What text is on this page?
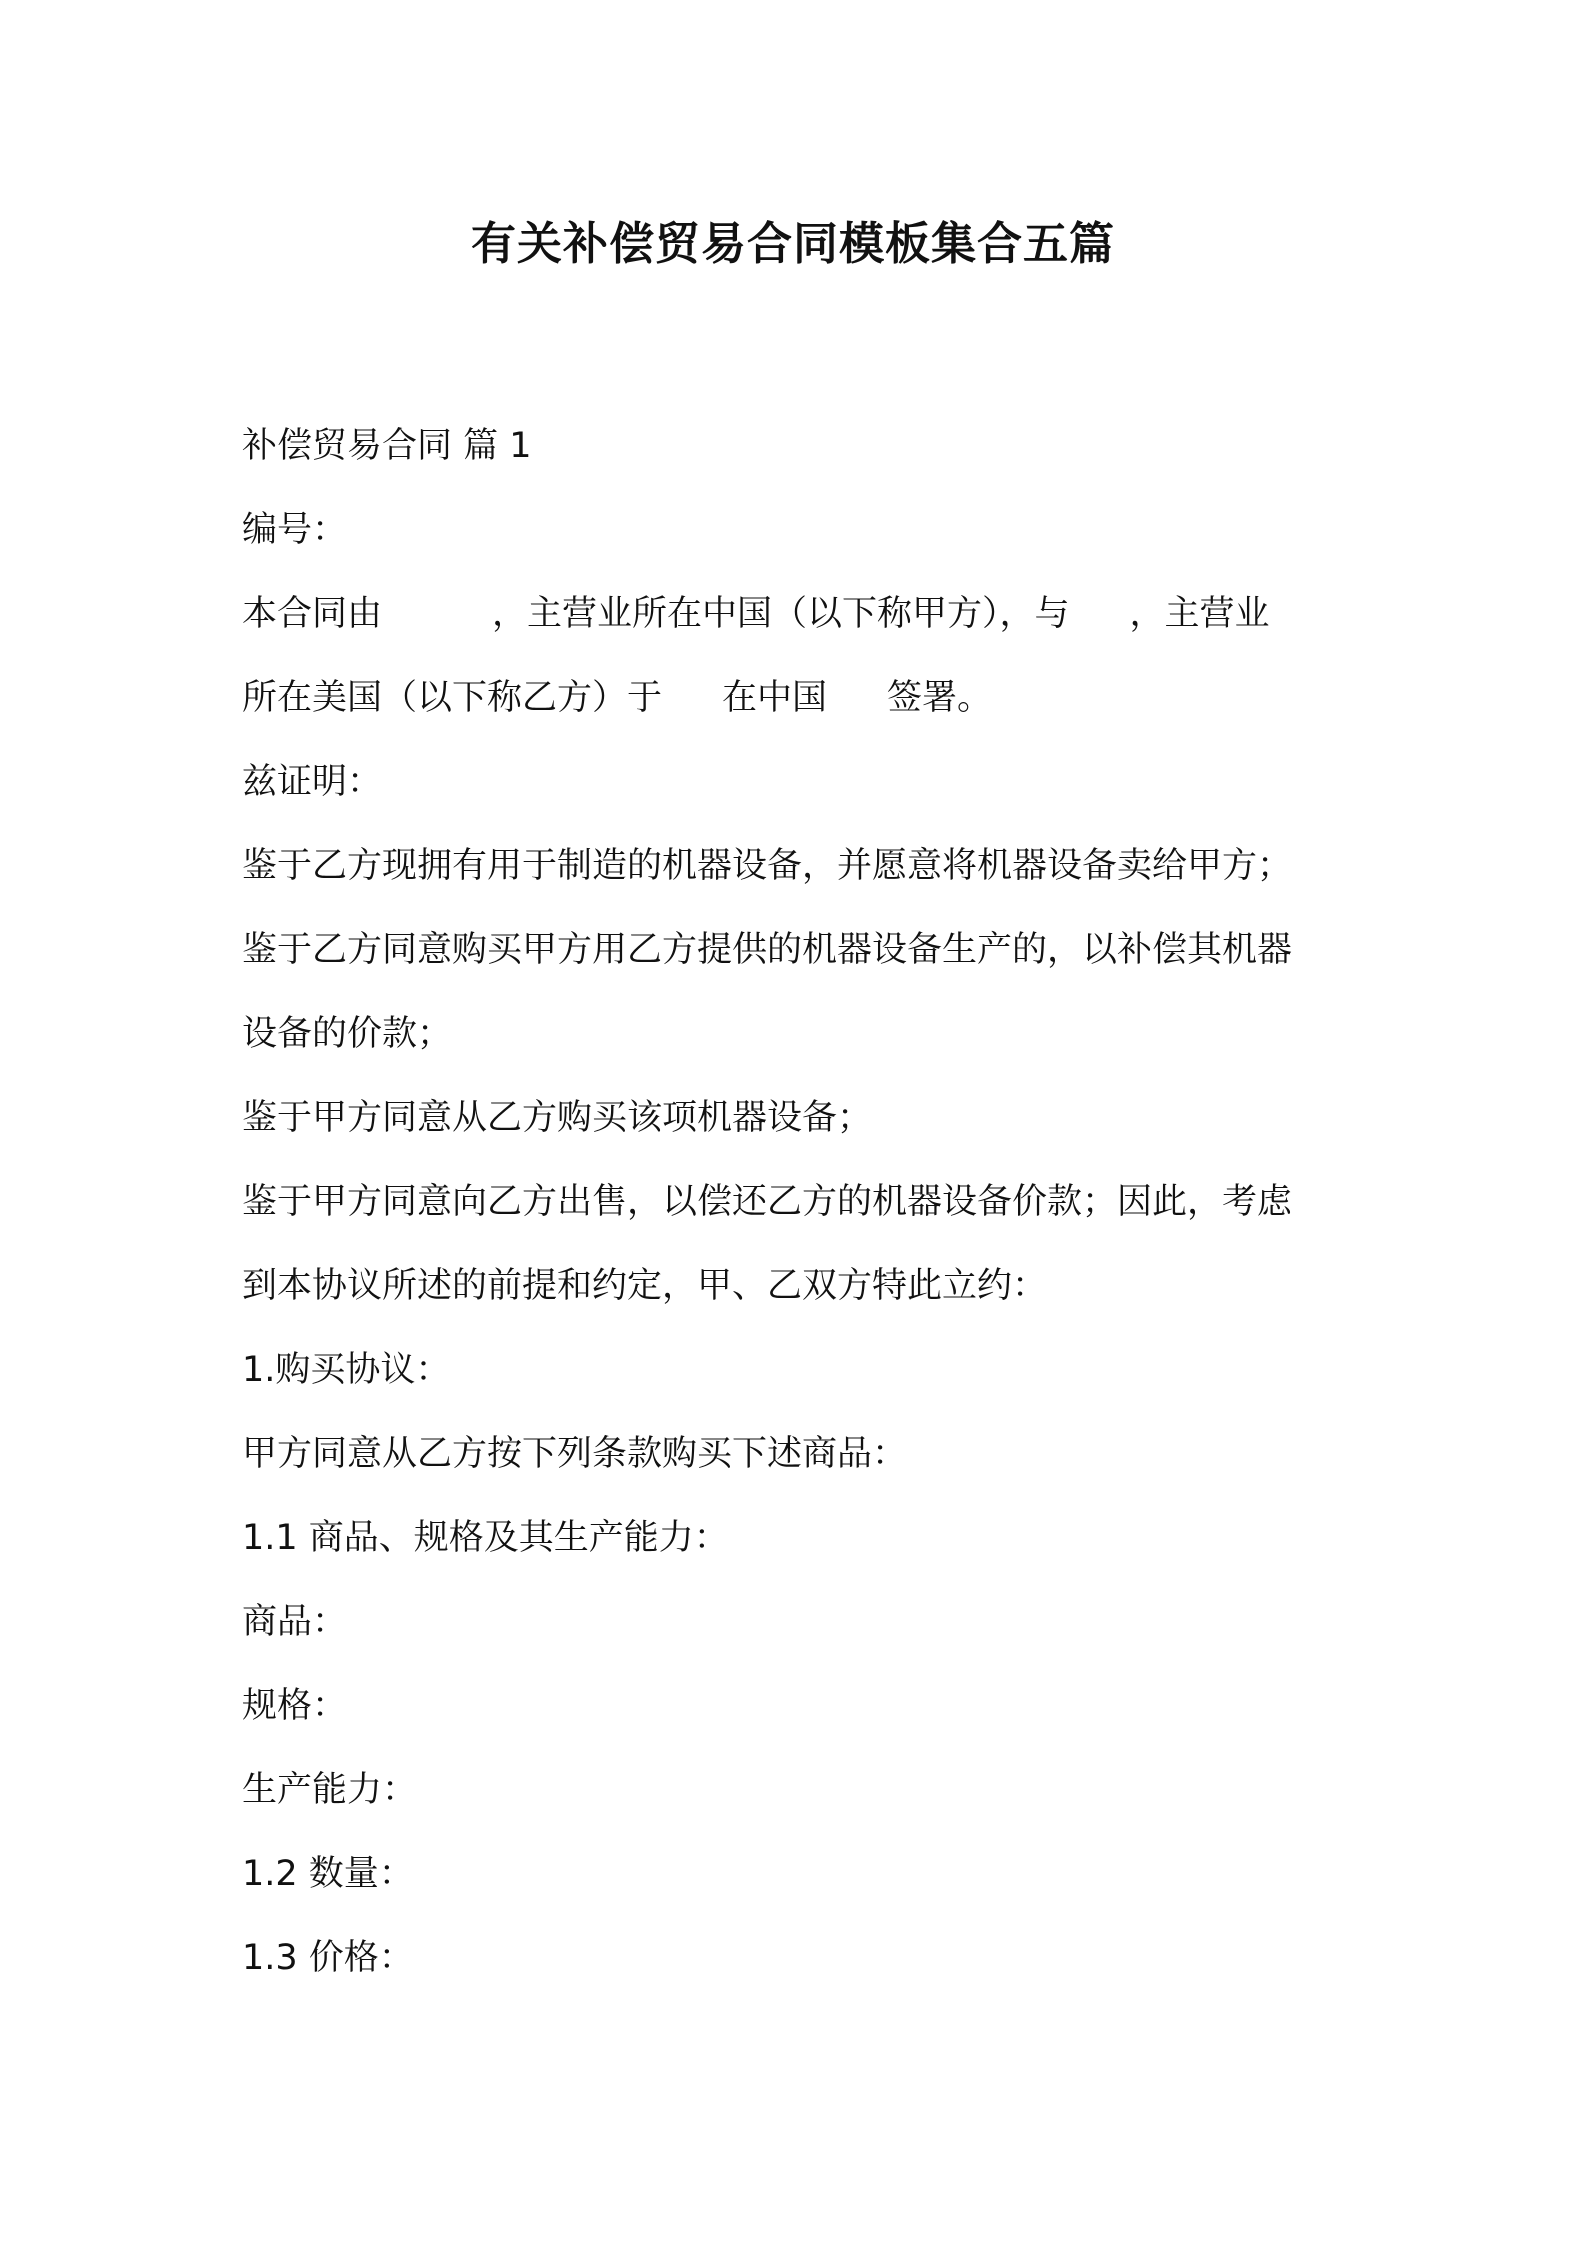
有关补偿贸易合同模板集合五篇
补偿贸易合同 篇 1
编号：
本合同由	，主营业所在中国（以下称甲方），与 ，主营业
所在美国（以下称乙方）于 在中国 签署。
兹证明：
鉴于乙方现拥有用于制造的机器设备，并愿意将机器设备卖给甲方；
鉴于乙方同意购买甲方用乙方提供的机器设备生产的，以补偿其机器
设备的价款；
鉴于甲方同意从乙方购买该项机器设备；
鉴于甲方同意向乙方出售，以偿还乙方的机器设备价款；因此，考虑
到本协议所述的前提和约定，甲、乙双方特此立约：
1.购买协议：
甲方同意从乙方按下列条款购买下述商品：
1.1 商品、规格及其生产能力：
商品：
规格：
生产能力：
1.2 数量：
1.3 价格：
